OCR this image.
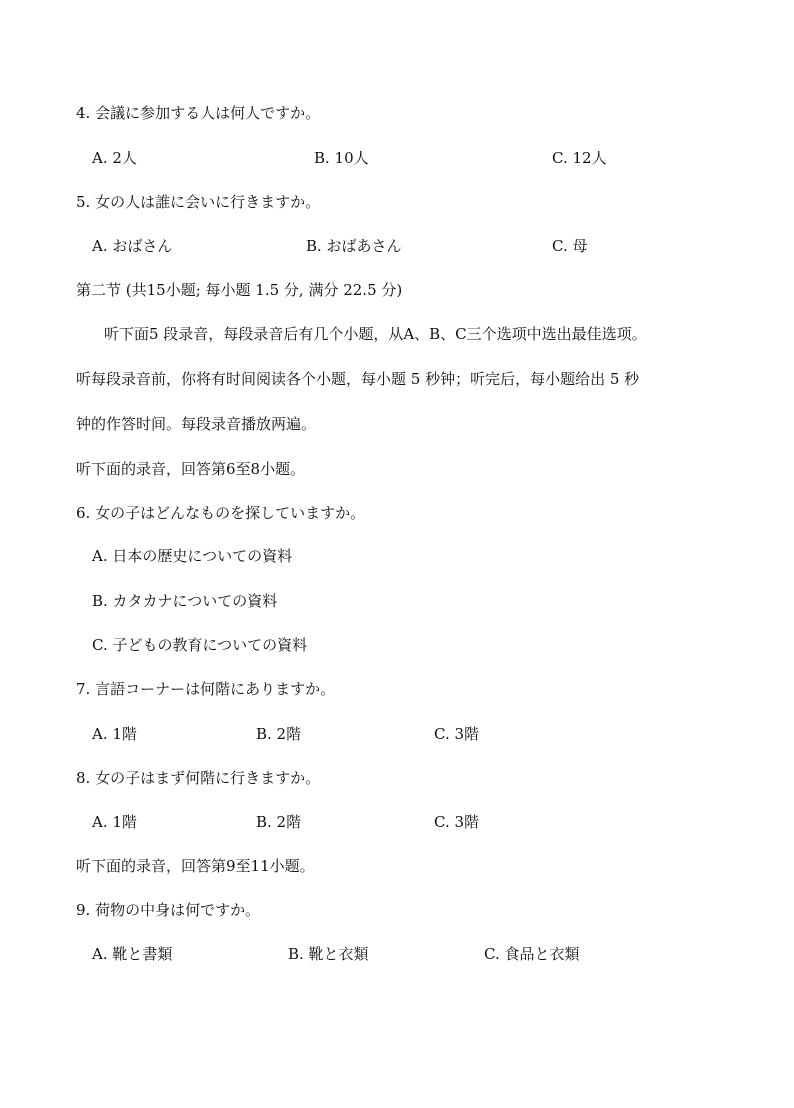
4. 会議に参加する人は何人ですか。
A. 2人	B. 10人	C. 12人
5. 女の人は誰に会いに行きますか。
A. おばさん	B. おばあさん	C. 母
第二节 (共15小题; 每小题 1.5 分, 满分 22.5 分)
听下面5 段录音，每段录音后有几个小题，从A、B、C三个选项中选出最佳选项。
听每段录音前，你将有时间阅读各个小题，每小题 5 秒钟；听完后，每小题给出 5 秒
钟的作答时间。每段录音播放两遍。
听下面的录音，回答第6至8小题。
6. 女の子はどんなものを探していますか。
A. 日本の歴史についての資料
B. カタカナについての資料
C. 子どもの教育についての資料
7. 言語コーナーは何階にありますか。
A. 1階	B. 2階	C. 3階
8. 女の子はまず何階に行きますか。
A. 1階	B. 2階	C. 3階
听下面的录音，回答第9至11小题。
9. 荷物の中身は何ですか。
A. 靴と書類	B. 靴と衣類	C. 食品と衣類
